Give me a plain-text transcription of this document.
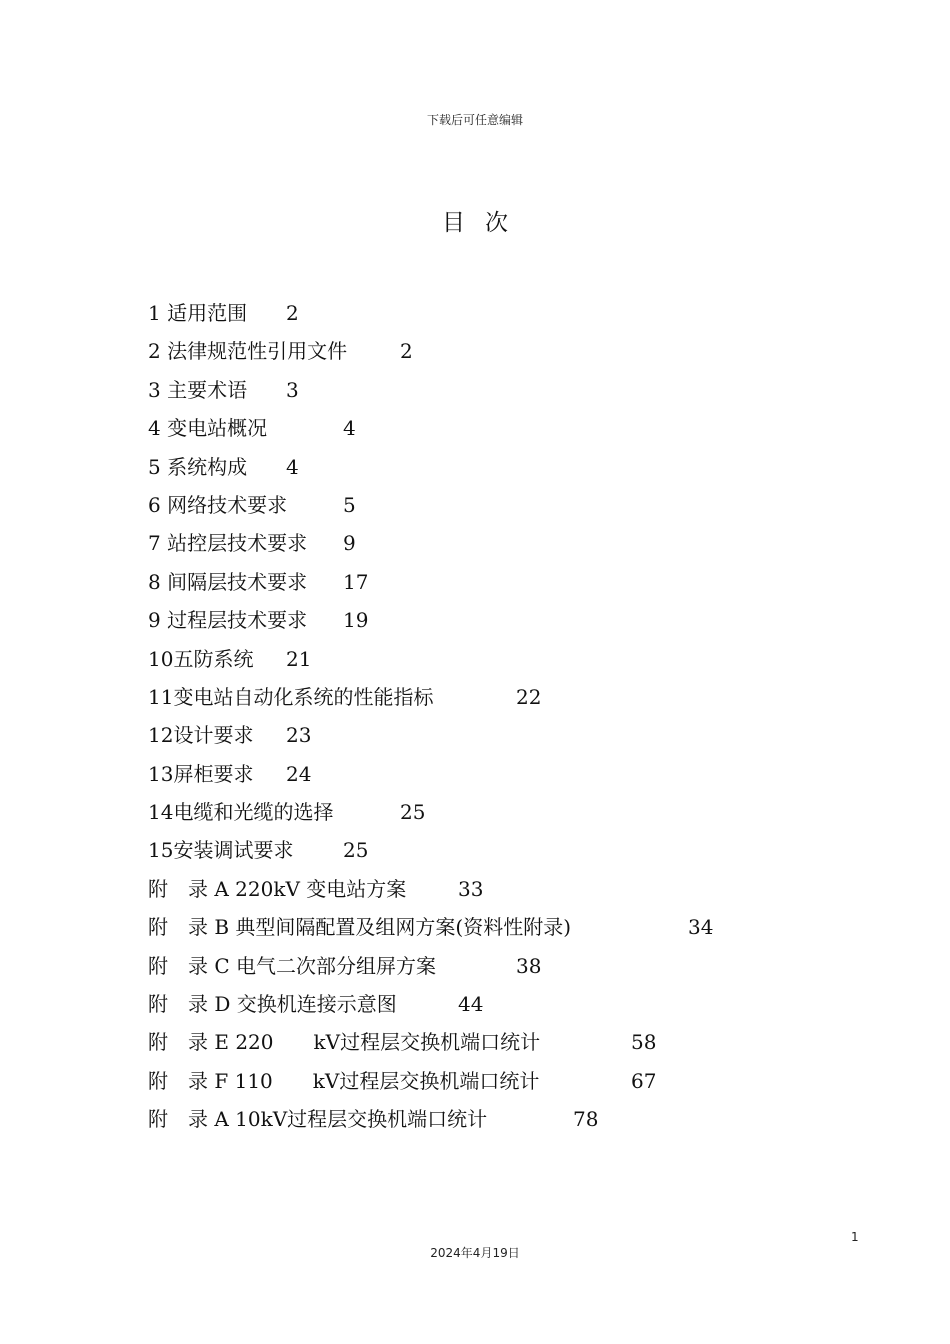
下载后可任意编辑
目次
1 适用范围 2
2 法律规范性引用文件	2
3 主要术语 3
4 变电站概况	4
5 系统构成 4
6 网络技术要求	5
7 站控层技术要求 9
8 间隔层技术要求 17
9 过程层技术要求 19
10五防系统 21
11变电站自动化系统的性能指标	22
12设计要求 23
13屏柜要求 24
14电缆和光缆的选择	25
15安装调试要求 25
附　录 A 220kV 变电站方案	33
附　录 B 典型间隔配置及组网方案(资料性附录)	34
附　录 C 电气二次部分组屏方案	38
附　录 D 交换机连接示意图	44
附　录 E 220　　kV过程层交换机端口统计	58
附　录 F 110　　kV过程层交换机端口统计	67
附　录 A 10kV过程层交换机端口统计	78
1
2024年4月19日
